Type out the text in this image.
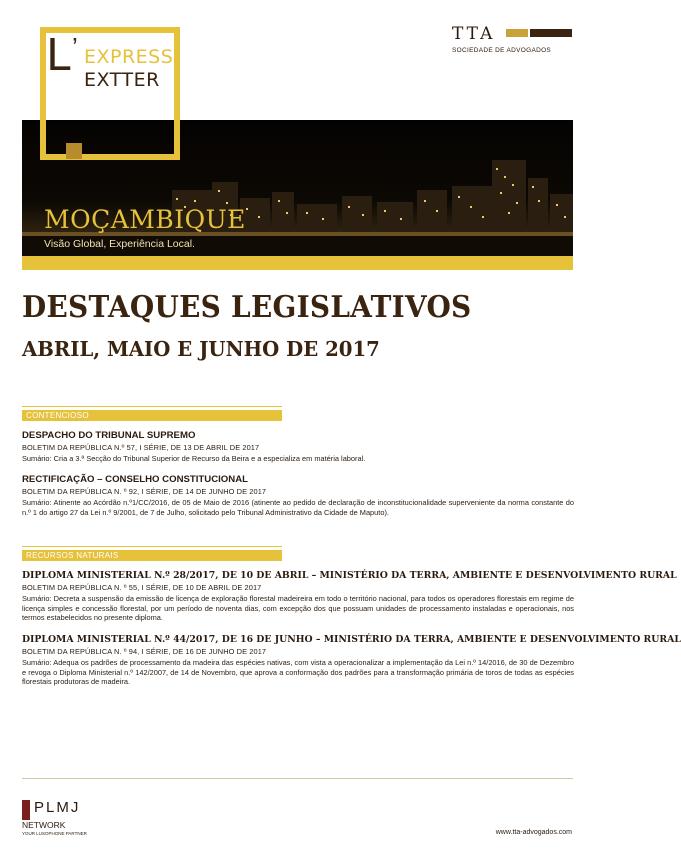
TTA
SOCIEDADE DE ADVOGADOS
L ’ EXPRESS
EXTTER
MOÇAMBIQUE
Visão Global, Experiência Local.
DESTAQUES LEGISLATIVOS
ABRIL, MAIO E JUNHO DE 2017
CONTENCIOSO
DESPACHO DO TRIBUNAL SUPREMO
BOLETIM DA REPÚBLICA N.º 57, I SÉRIE, DE 13 DE ABRIL DE 2017
Sumário: Cria a 3.ª Secção do Tribunal Superior de Recurso da Beira e a especializa em matéria laboral.
RECTIFICAÇÃO – CONSELHO CONSTITUCIONAL
BOLETIM DA REPÚBLICA N. º 92, I SÉRIE, DE 14 DE JUNHO DE 2017
Sumário: Atinente ao Acórdão n.º1/CC/2016, de 05 de Maio de 2016 (atinente ao pedido de declaração de inconstitucionalidade superveniente da norma constante do n.º 1 do artigo 27 da Lei n.º 9/2001, de 7 de Julho, solicitado pelo Tribunal Administrativo da Cidade de Maputo).
RECURSOS NATURAIS
DIPLOMA MINISTERIAL N.º 28/2017, DE 10 DE ABRIL – MINISTÉRIO DA TERRA, AMBIENTE E DESENVOLVIMENTO RURAL
BOLETIM DA REPÚBLICA N. º 55, I SÉRIE, DE 10 DE ABRIL DE 2017
Sumário: Decreta a suspensão da emissão de licença de exploração florestal madeireira em todo o território nacional, para todos os operadores florestais em regime de licença simples e concessão florestal, por um período de noventa dias, com excepção dos que possuam unidades de processamento instaladas e operacionais, nos termos estabelecidos no presente diploma.
DIPLOMA MINISTERIAL N.º 44/2017, DE 16 DE JUNHO – MINISTÉRIO DA TERRA, AMBIENTE E DESENVOLVIMENTO RURAL
BOLETIM DA REPÚBLICA N. º 94, I SÉRIE, DE 16 DE JUNHO DE 2017
Sumário: Adequa os padrões de processamento da madeira das espécies nativas, com vista a operacionalizar a implementação da Lei n.º 14/2016, de 30 de Dezembro e revoga o Diploma Ministerial n.º 142/2007, de 14 de Novembro, que aprova a conformação dos padrões para a transformação primária de toros de todas as espécies florestais produtoras de madeira.
PLMJ
NETWORK
YOUR LUSOPHONE PARTNER	www.tta-advogados.com
